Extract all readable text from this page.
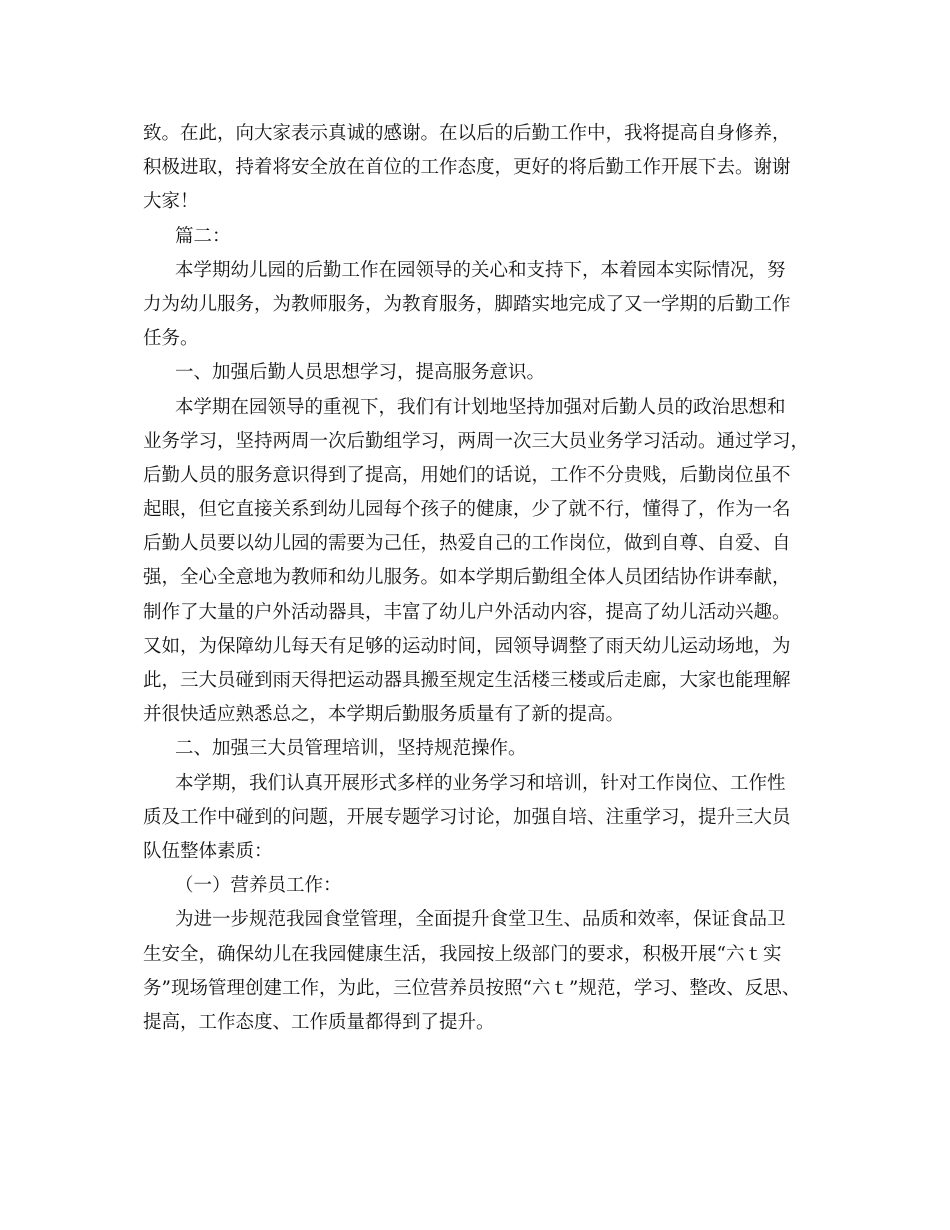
致。在此，向大家表示真诚的感谢。在以后的后勤工作中，我将提高自身修养，

积极进取，持着将安全放在首位的工作态度，更好的将后勤工作开展下去。谢谢

大家！

篇二：

本学期幼儿园的后勤工作在园领导的关心和支持下，本着园本实际情况，努

力为幼儿服务，为教师服务，为教育服务，脚踏实地完成了又一学期的后勤工作

任务。

一、加强后勤人员思想学习，提高服务意识。

本学期在园领导的重视下，我们有计划地坚持加强对后勤人员的政治思想和

业务学习，坚持两周一次后勤组学习，两周一次三大员业务学习活动。通过学习，

后勤人员的服务意识得到了提高，用她们的话说，工作不分贵贱，后勤岗位虽不

起眼，但它直接关系到幼儿园每个孩子的健康，少了就不行，懂得了，作为一名

后勤人员要以幼儿园的需要为己任，热爱自己的工作岗位，做到自尊、自爱、自

强，全心全意地为教师和幼儿服务。如本学期后勤组全体人员团结协作讲奉献，

制作了大量的户外活动器具，丰富了幼儿户外活动内容，提高了幼儿活动兴趣。

又如，为保障幼儿每天有足够的运动时间，园领导调整了雨天幼儿运动场地，为

此，三大员碰到雨天得把运动器具搬至规定生活楼三楼或后走廊，大家也能理解

并很快适应熟悉总之，本学期后勤服务质量有了新的提高。

二、加强三大员管理培训，坚持规范操作。

本学期，我们认真开展形式多样的业务学习和培训，针对工作岗位、工作性

质及工作中碰到的问题，开展专题学习讨论，加强自培、注重学习，提升三大员

队伍整体素质：

（一）营养员工作：

为进一步规范我园食堂管理，全面提升食堂卫生、品质和效率，保证食品卫

生安全，确保幼儿在我园健康生活，我园按上级部门的要求，积极开展“六ｔ实

务”现场管理创建工作，为此，三位营养员按照“六ｔ”规范，学习、整改、反思、

提高，工作态度、工作质量都得到了提升。
